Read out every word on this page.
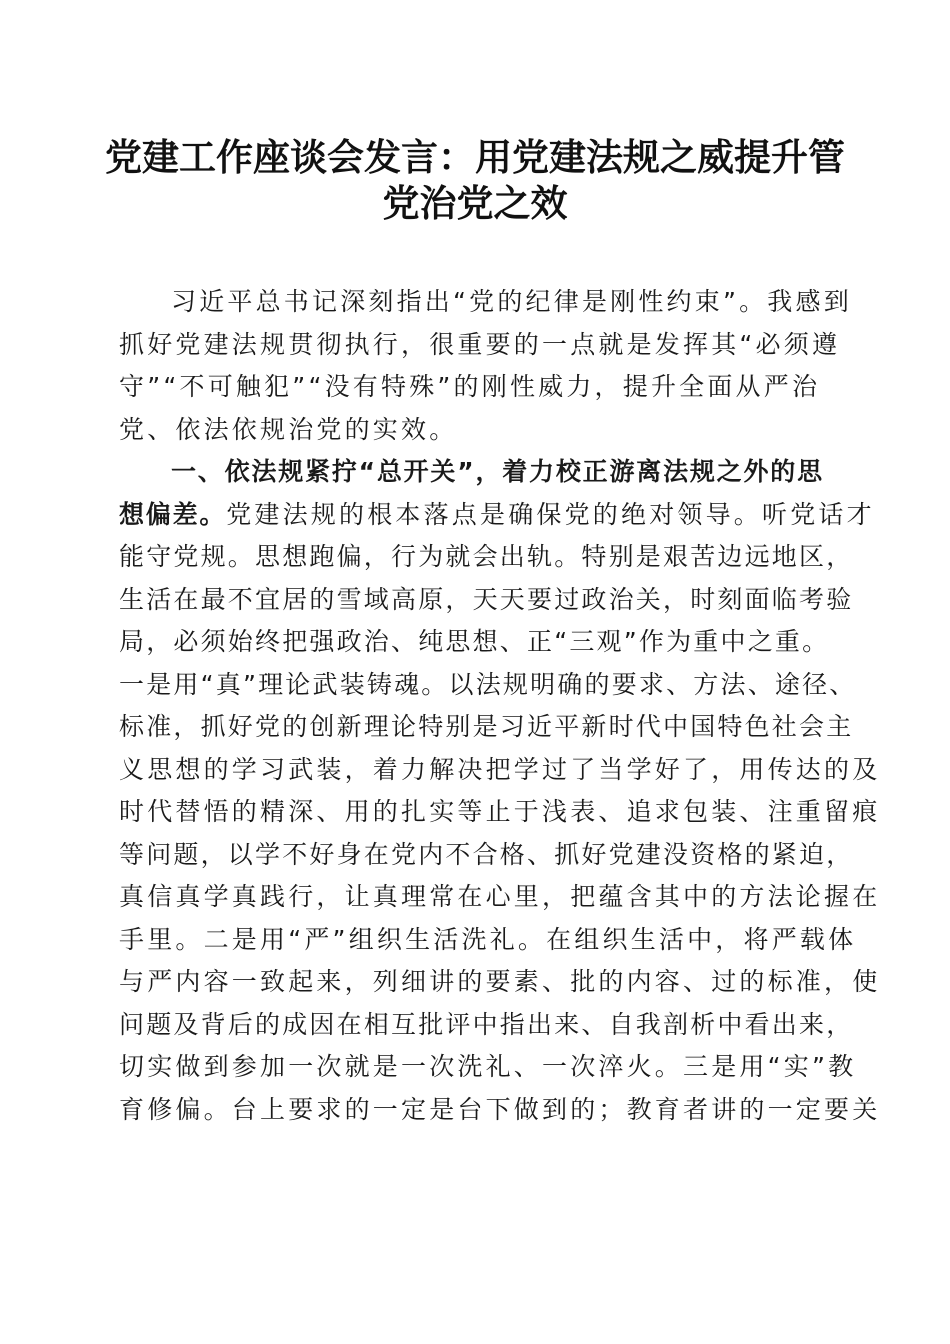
党建工作座谈会发言：用党建法规之威提升管
党治党之效
习近平总书记深刻指出“党的纪律是刚性约束”。我感到
抓好党建法规贯彻执行，很重要的一点就是发挥其“必须遵
守”“不可触犯”“没有特殊”的刚性威力，提升全面从严治
党、依法依规治党的实效。
一、依法规紧拧“总开关”，着力校正游离法规之外的思
想偏差。党建法规的根本落点是确保党的绝对领导。听党话才
能守党规。思想跑偏，行为就会出轨。特别是艰苦边远地区，
生活在最不宜居的雪域高原，天天要过政治关，时刻面临考验
局，必须始终把强政治、纯思想、正“三观”作为重中之重。
一是用“真”理论武装铸魂。以法规明确的要求、方法、途径、
标准，抓好党的创新理论特别是习近平新时代中国特色社会主
义思想的学习武装，着力解决把学过了当学好了，用传达的及
时代替悟的精深、用的扎实等止于浅表、追求包装、注重留痕
等问题，以学不好身在党内不合格、抓好党建没资格的紧迫，
真信真学真践行，让真理常在心里，把蕴含其中的方法论握在
手里。二是用“严”组织生活洗礼。在组织生活中，将严载体
与严内容一致起来，列细讲的要素、批的内容、过的标准，使
问题及背后的成因在相互批评中指出来、自我剖析中看出来，
切实做到参加一次就是一次洗礼、一次淬火。三是用“实”教
育修偏。台上要求的一定是台下做到的；教育者讲的一定要关
